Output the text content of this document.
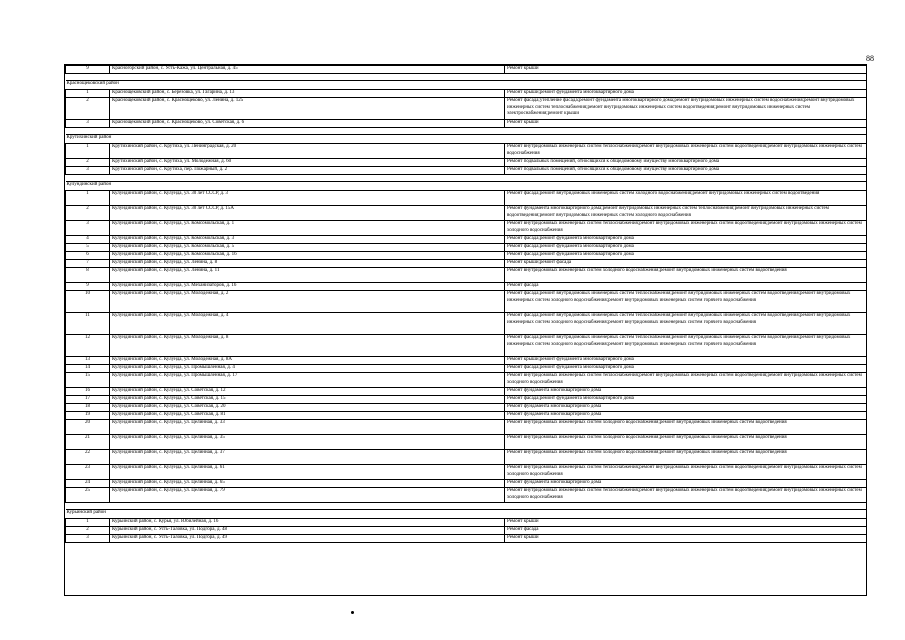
88
9	Красногорский район, с. Усть-Кажа, ул. Центральная, д. 45	Ремонт крыши

Краснощековский район		
1	Краснощековский район, с. Берёзовка, ул. Гагарина, д. 13	Ремонт крыши;ремонт фундамента многоквартирного дома
2	Краснощековский район, с. Краснощёково, ул. Ленина, д. 125	Ремонт фасада;утепление фасада;ремонт фундамента многоквартирного дома;ремонт внутридомовых инженерных систем водоснабжения;ремонт внутридомовых инженерных систем теплоснабжения;ремонт внутридомовых инженерных систем водоотведения;ремонт внутридомовых инженерных систем электроснабжения;ремонт крыши
3	Краснощековский район, с. Краснощёково, ул. Советская, д. 6	Ремонт крыши

Крутихинский район		
1	Крутихинский район, с. Крутиха, ул. Ленинградская, д. 20	Ремонт внутридомовых инженерных систем теплоснабжения;ремонт внутридомовых инженерных систем водоотведения;ремонт внутридомовых инженерных систем водоснабжения
2	Крутихинский район, с. Крутиха, ул. Молодежная, д. 60	Ремонт подвальных помещений, относящихся к общедомовому имуществу многоквартирного дома
3	Крутихинский район, с. Крутиха, пер. Пожарный, д. 2	Ремонт подвальных помещений, относящихся к общедомовому имуществу многоквартирного дома

Кулундинский район		
1	Кулундинский район, с. Кулунда, ул. 30 лет СССР, д. 3	Ремонт фасада;ремонт внутридомовых инженерных систем холодного водоснабжения;ремонт внутридомовых инженерных систем водоотведения
2	Кулундинский район, с. Кулунда, ул. 30 лет СССР, д. 15А	Ремонт фундамента многоквартирного дома;ремонт внутридомовых инженерных систем теплоснабжения;ремонт внутридомовых инженерных систем водоотведения;ремонт внутридомовых инженерных систем холодного водоснабжения
3	Кулундинский район, с. Кулунда, ул. Комсомольская, д. 1	Ремонт внутридомовых инженерных систем теплоснабжения;ремонт внутридомовых инженерных систем водоотведения;ремонт внутридомовых инженерных систем холодного водоснабжения
4	Кулундинский район, с. Кулунда, ул. Комсомольская, д. 3	Ремонт фасада;ремонт фундамента многоквартирного дома
5	Кулундинский район, с. Кулунда, ул. Комсомольская, д. 5	Ремонт фасада;ремонт фундамента многоквартирного дома
6	Кулундинский район, с. Кулунда, ул. Комсомольская, д. 16	Ремонт фасада;ремонт фундамента многоквартирного дома
7	Кулундинский район, с. Кулунда, ул. Ленина, д. 8	Ремонт крыши;ремонт фасада
8	Кулундинский район, с. Кулунда, ул. Ленина, д. 11	Ремонт внутридомовых инженерных систем холодного водоснабжения;ремонт внутридомовых инженерных систем водоотведения
9	Кулундинский район, с. Кулунда, ул. Механизаторов, д. 16	Ремонт фасада
10	Кулундинский район, с. Кулунда, ул. Молодежная, д. 2	Ремонт фасада;ремонт внутридомовых инженерных систем теплоснабжения;ремонт внутридомовых инженерных систем водоотведения;ремонт внутридомовых инженерных систем холодного водоснабжения;ремонт внутридомовых инженерных систем горячего водоснабжения
11	Кулундинский район, с. Кулунда, ул. Молодежная, д. 4	Ремонт фасада;ремонт внутридомовых инженерных систем теплоснабжения;ремонт внутридомовых инженерных систем водоотведения;ремонт внутридомовых инженерных систем холодного водоснабжения;ремонт внутридомовых инженерных систем горячего водоснабжения
12	Кулундинский район, с. Кулунда, ул. Молодежная, д. 8	Ремонт фасада;ремонт внутридомовых инженерных систем теплоснабжения;ремонт внутридомовых инженерных систем водоотведения;ремонт внутридомовых инженерных систем холодного водоснабжения;ремонт внутридомовых инженерных систем горячего водоснабжения
13	Кулундинский район, с. Кулунда, ул. Молодежная, д. 8А	Ремонт крыши;ремонт фундамента многоквартирного дома
14	Кулундинский район, с. Кулунда, ул. Промышленная, д. 4	Ремонт фасада;ремонт фундамента многоквартирного дома
15	Кулундинский район, с. Кулунда, ул. Промышленная, д. 17	Ремонт внутридомовых инженерных систем теплоснабжения;ремонт внутридомовых инженерных систем водоотведения;ремонт внутридомовых инженерных систем холодного водоснабжения
16	Кулундинский район, с. Кулунда, ул. Советская, д. 12	Ремонт фундамента многоквартирного дома
17	Кулундинский район, с. Кулунда, ул. Советская, д. 15	Ремонт фасада;ремонт фундамента многоквартирного дома
18	Кулундинский район, с. Кулунда, ул. Советская, д. 20	Ремонт фундамента многоквартирного дома
19	Кулундинский район, с. Кулунда, ул. Советская, д. 81	Ремонт фундамента многоквартирного дома
20	Кулундинский район, с. Кулунда, ул. Целинная, д. 33	Ремонт внутридомовых инженерных систем холодного водоснабжения;ремонт внутридомовых инженерных систем водоотведения
21	Кулундинский район, с. Кулунда, ул. Целинная, д. 35	Ремонт внутридомовых инженерных систем холодного водоснабжения;ремонт внутридомовых инженерных систем водоотведения
22	Кулундинский район, с. Кулунда, ул. Целинная, д. 37	Ремонт внутридомовых инженерных систем холодного водоснабжения;ремонт внутридомовых инженерных систем водоотведения
23	Кулундинский район, с. Кулунда, ул. Целинная, д. 61	Ремонт внутридомовых инженерных систем теплоснабжения;ремонт внутридомовых инженерных систем водоотведения;ремонт внутридомовых инженерных систем холодного водоснабжения
24	Кулундинский район, с. Кулунда, ул. Целинная, д. 65	Ремонт фундамента многоквартирного дома
25	Кулундинский район, с. Кулунда, ул. Целинная, д. 79	Ремонт внутридомовых инженерных систем теплоснабжения;ремонт внутридомовых инженерных систем водоотведения;ремонт внутридомовых инженерных систем холодного водоснабжения

Курьинский район		
1	Курьинский район, с. Курья, ул. Юбилейная, д. 16	Ремонт крыши
2	Курьинский район, с. Усть-Таловка, ул. Подгора, д. 48	Ремонт фасада
3	Курьинский район, с. Усть-Таловка, ул. Подгора, д. 49	Ремонт крыши
